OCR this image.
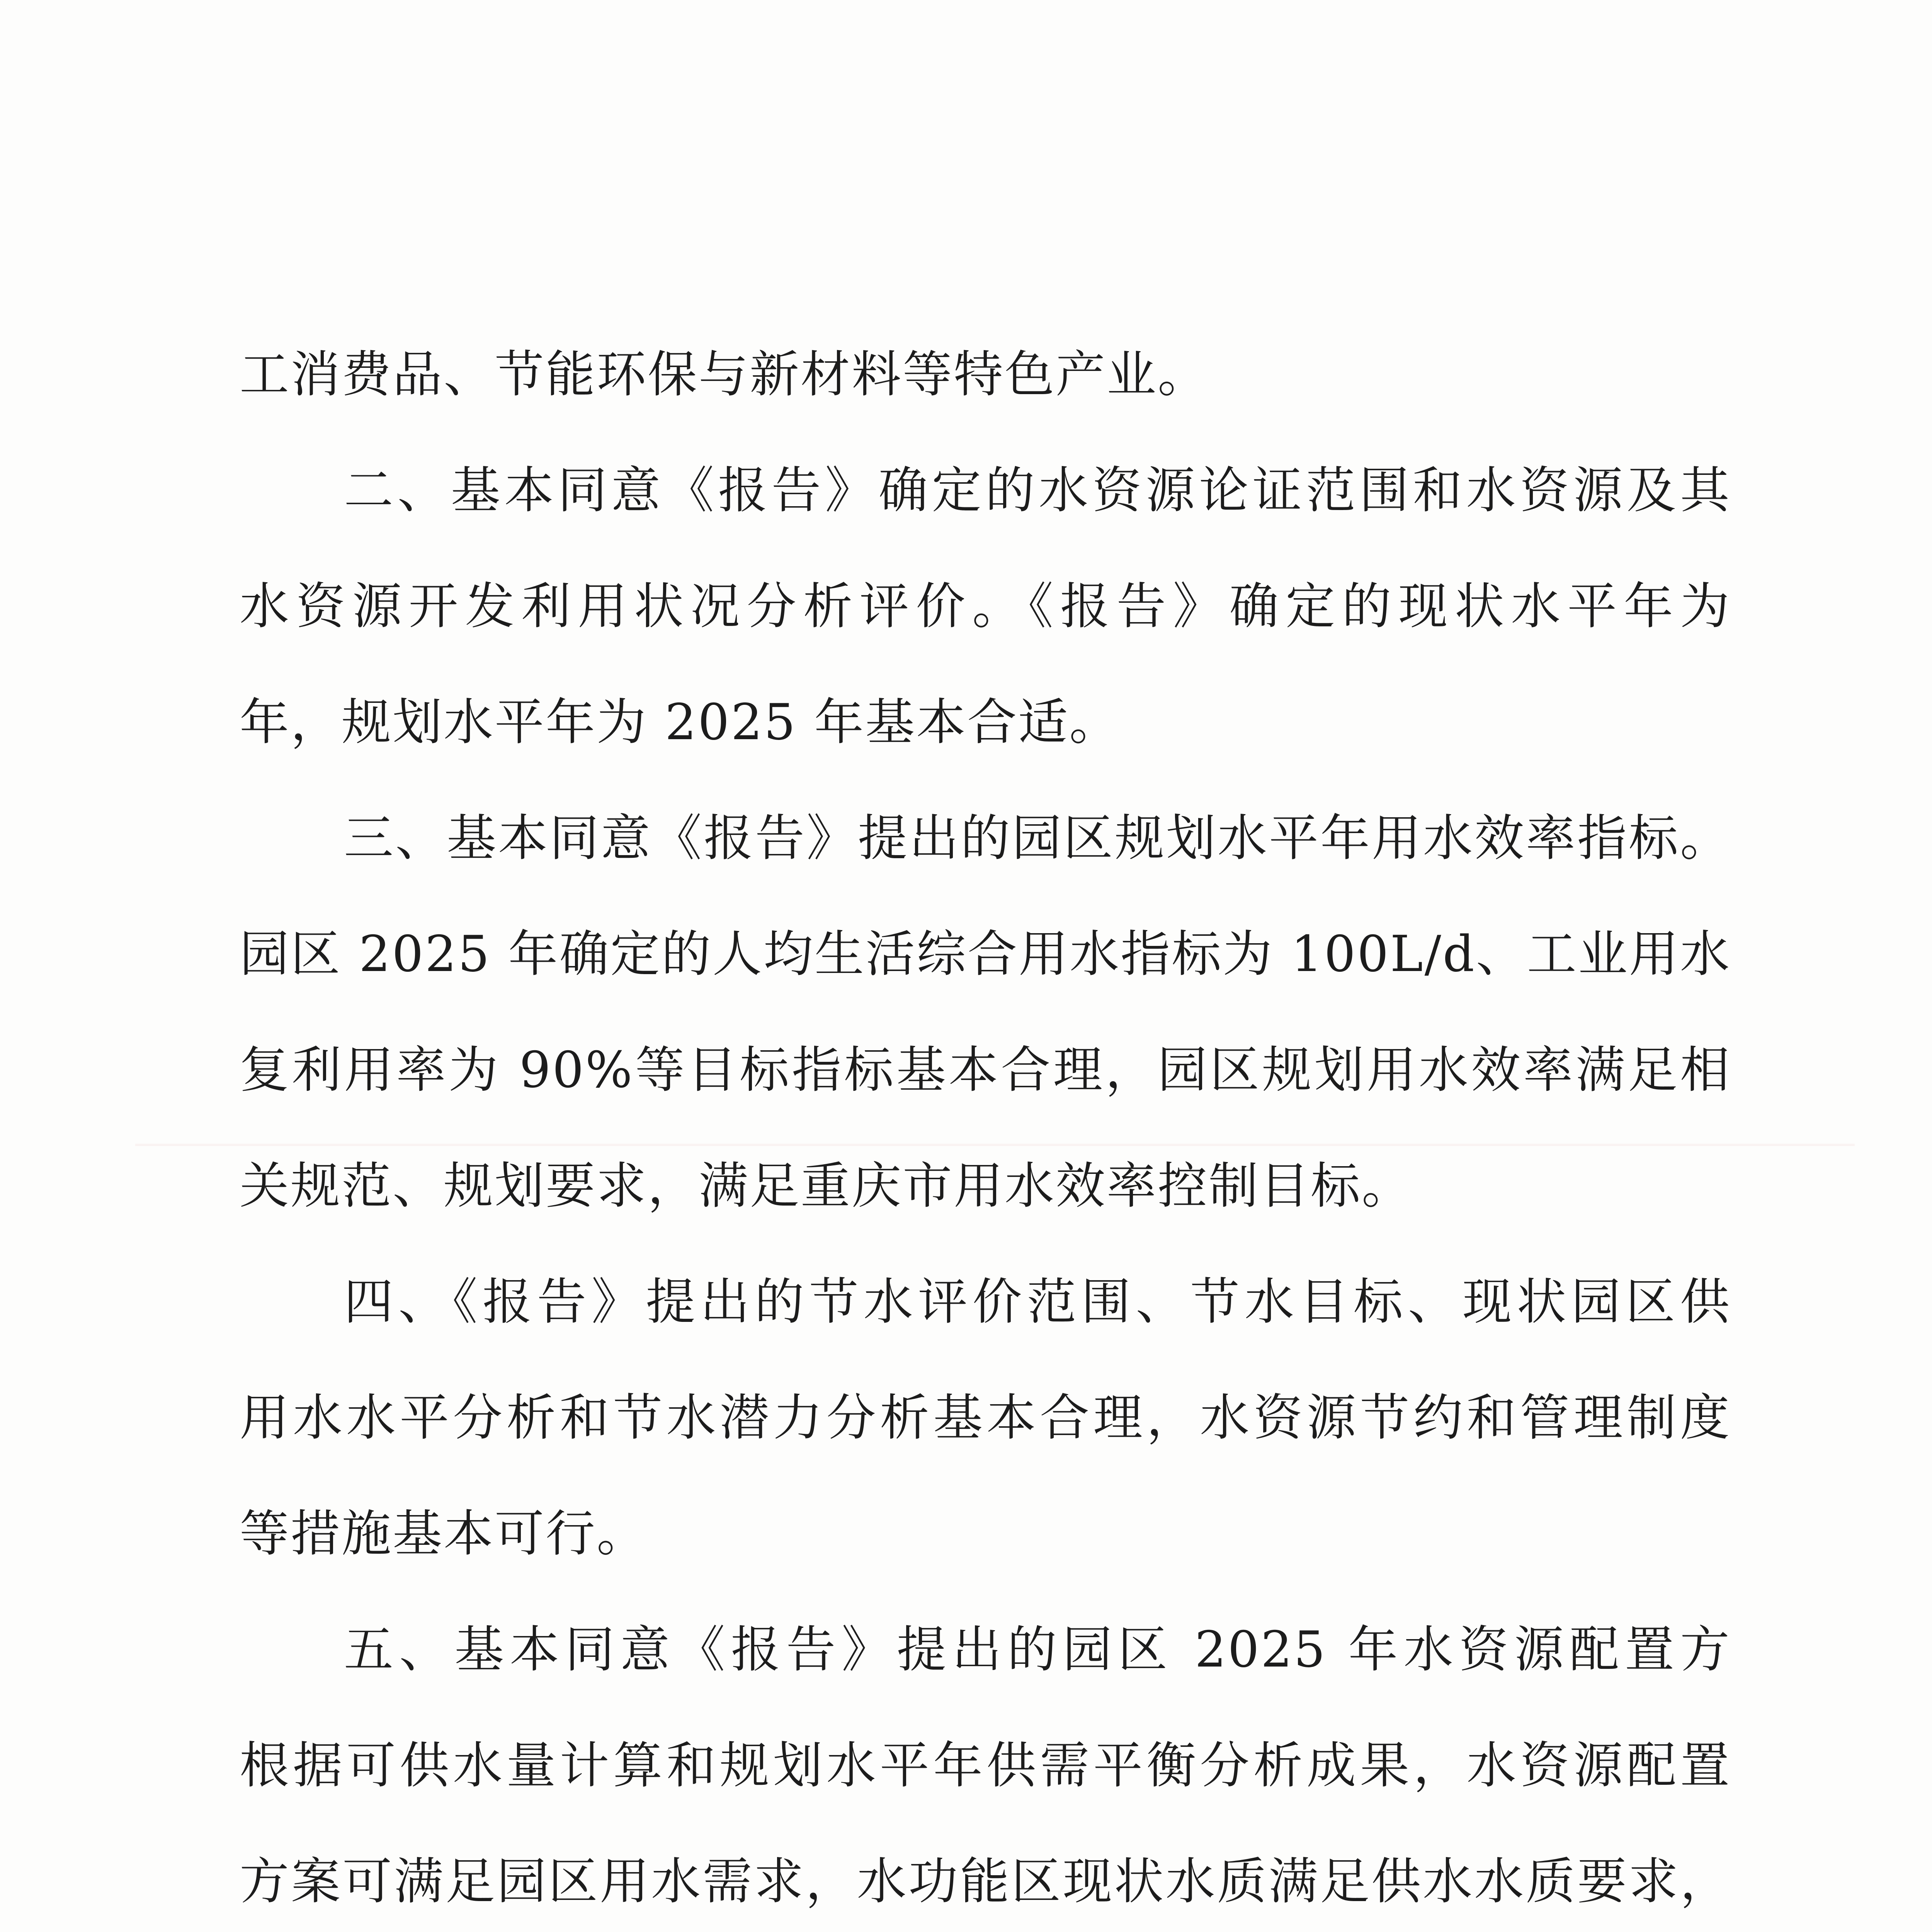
工消费品、节能环保与新材料等特色产业。
二、基本同意《报告》确定的水资源论证范围和水资源及其
水资源开发利用状况分析评价。《报告》确定的现状水平年为
年，规划水平年为 2025 年基本合适。
三、基本同意《报告》提出的园区规划水平年用水效率指标。
园区 2025 年确定的人均生活综合用水指标为 100L/d、工业用水
复利用率为 90%等目标指标基本合理，园区规划用水效率满足相
关规范、规划要求，满足重庆市用水效率控制目标。
四、《报告》提出的节水评价范围、节水目标、现状园区供
用水水平分析和节水潜力分析基本合理，水资源节约和管理制度
等措施基本可行。
五、基本同意《报告》提出的园区 2025 年水资源配置方
根据可供水量计算和规划水平年供需平衡分析成果，水资源配置
方案可满足园区用水需求，水功能区现状水质满足供水水质要求，
